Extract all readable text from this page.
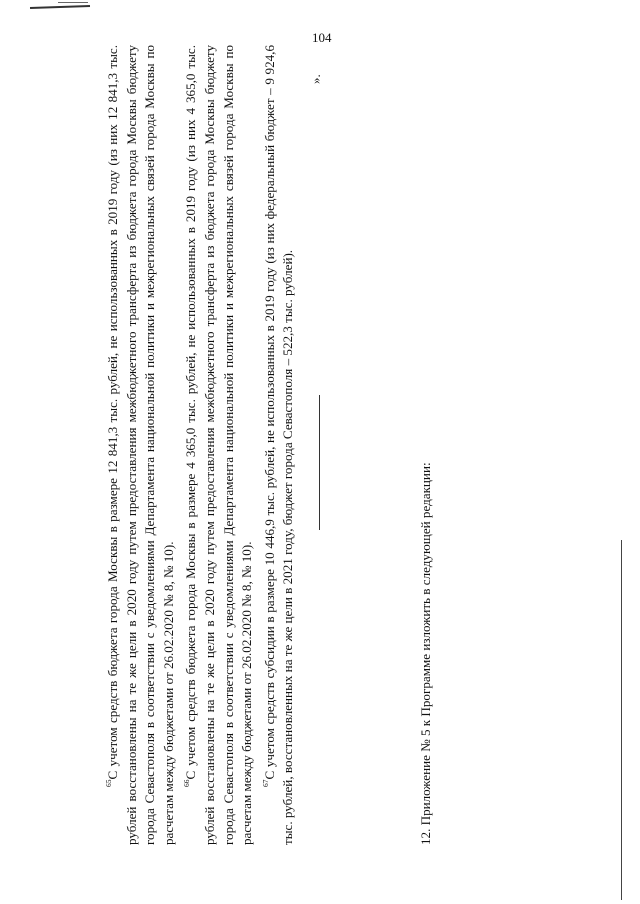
104
».

$^{65}$С учетом средств бюджета города Москвы в размере 12 841,3 тыс. рублей, не использованных в 2019 году (из них 12 841,3 тыс. рублей восстановлены на те же цели в 2020 году путем предоставления межбюджетного трансферта из бюджета города Москвы бюджету города Севастополя в соответствии с уведомлениями Департамента национальной политики и межрегиональных связей города Москвы по расчетам между бюджетами от 26.02.2020 № 8, № 10). $^{66}$С учетом средств бюджета города Москвы в размере 4 365,0 тыс. рублей, не использованных в 2019 году (из них 4 365,0 тыс. рублей восстановлены на те же цели в 2020 году путем предоставления межбюджетного трансферта из бюджета города Москвы бюджету города Севастополя в соответствии с уведомлениями Департамента национальной политики и межрегиональных связей города Москвы по расчетам между бюджетами от 26.02.2020 № 8, № 10). $^{67}$С учетом средств субсидии в размере 10 446,9 тыс. рублей, не использованных в 2019 году (из них федеральный бюджет – 9 924,6 тыс. рублей, восстановленных на те же цели в 2021 году, бюджет города Севастополя – 522,3 тыс. рублей).	12. Приложение № 5 к Программе изложить в следующей редакции:
